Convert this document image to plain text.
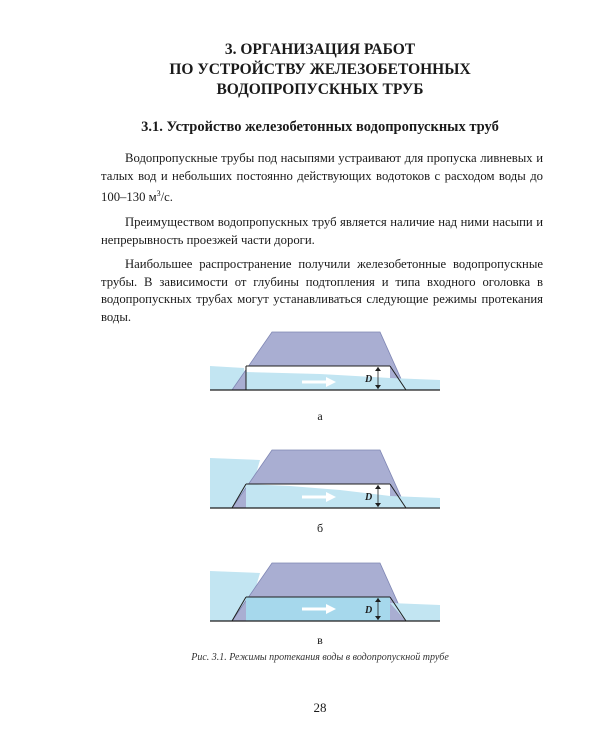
3. ОРГАНИЗАЦИЯ РАБОТ
ПО УСТРОЙСТВУ ЖЕЛЕЗОБЕТОННЫХ
ВОДОПРОПУСКНЫХ ТРУБ
3.1. Устройство железобетонных водопропускных труб

Водопропускные трубы под насыпями устраивают для пропуска ливневых и талых вод и небольших постоянно действующих водотоков с расходом воды до 100–130 $м^3/с$.

Преимуществом водопропускных труб является наличие над ними насыпи и непрерывность проезжей части дороги.

Наибольшее распространение получили железобетонные водопропускные трубы. В зависимости от глубины подтопления и типа входного оголовка в водопропускных трубах могут устанавливаться следующие режимы протекания воды.

D
а
D
б
D
в
Рис. 3.1. Режимы протекания воды в водопропускной трубе
28
